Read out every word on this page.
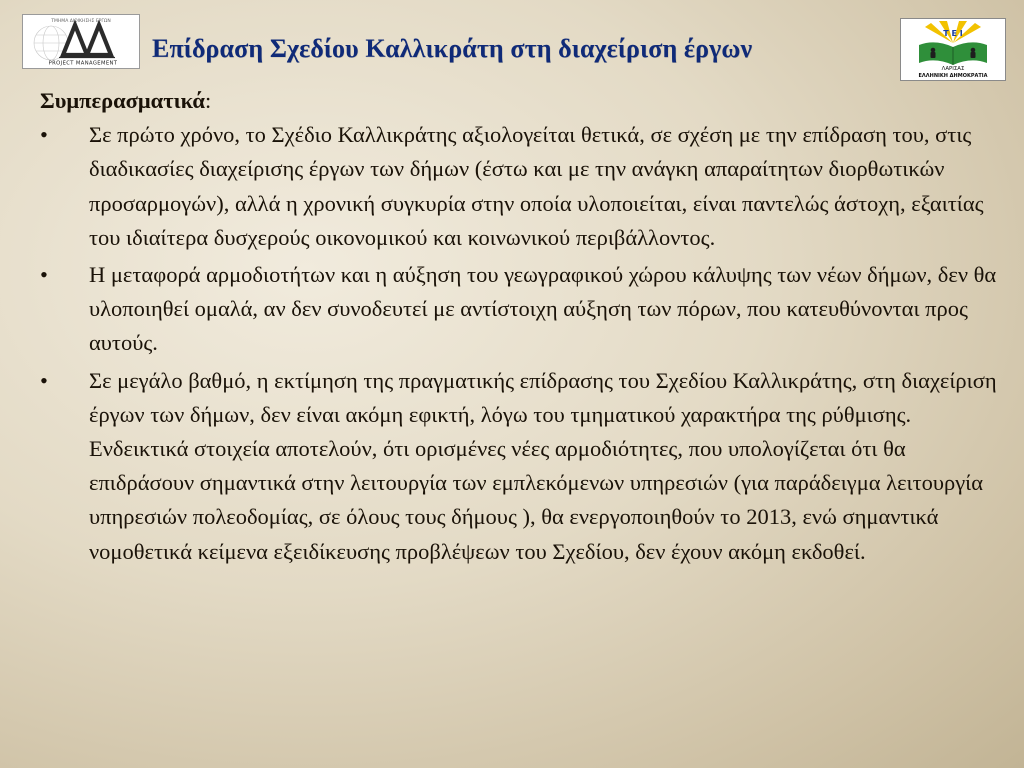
ΤΜΗΜΑ ΔΙΟΙΚΗΣΗΣ ΕΡΓΩΝ
PROJECT MANAGEMENT
Επίδραση Σχεδίου Καλλικράτη στη διαχείριση έργων
Τ Ε Ι
ΛΑΡΙΣΑΣ
ΕΛΛΗΝΙΚΗ ΔΗΜΟΚΡΑΤΙΑ

Συμπερασματικά:

•	Σε πρώτο χρόνο, το Σχέδιο Καλλικράτης αξιολογείται θετικά, σε σχέση με την επίδραση του, στις διαδικασίες διαχείρισης έργων των δήμων (έστω και με την ανάγκη απαραίτητων διορθωτικών προσαρμογών), αλλά η χρονική συγκυρία στην οποία υλοποιείται, είναι παντελώς άστοχη, εξαιτίας του ιδιαίτερα δυσχερούς οικονομικού και κοινωνικού περιβάλλοντος.
•	Η μεταφορά αρμοδιοτήτων και η αύξηση του γεωγραφικού χώρου κάλυψης των νέων δήμων, δεν θα υλοποιηθεί ομαλά, αν δεν συνοδευτεί με αντίστοιχη αύξηση των πόρων, που κατευθύνονται προς αυτούς.
•	Σε μεγάλο βαθμό, η εκτίμηση της πραγματικής επίδρασης του Σχεδίου Καλλικράτης, στη διαχείριση έργων των δήμων, δεν είναι ακόμη εφικτή, λόγω του τμηματικού χαρακτήρα της ρύθμισης. Ενδεικτικά στοιχεία αποτελούν, ότι ορισμένες νέες αρμοδιότητες, που υπολογίζεται ότι θα επιδράσουν σημαντικά στην λειτουργία των εμπλεκόμενων υπηρεσιών (για παράδειγμα λειτουργία υπηρεσιών πολεοδομίας, σε όλους τους δήμους ), θα ενεργοποιηθούν το 2013, ενώ σημαντικά νομοθετικά κείμενα εξειδίκευσης προβλέψεων του Σχεδίου, δεν έχουν ακόμη εκδοθεί.
